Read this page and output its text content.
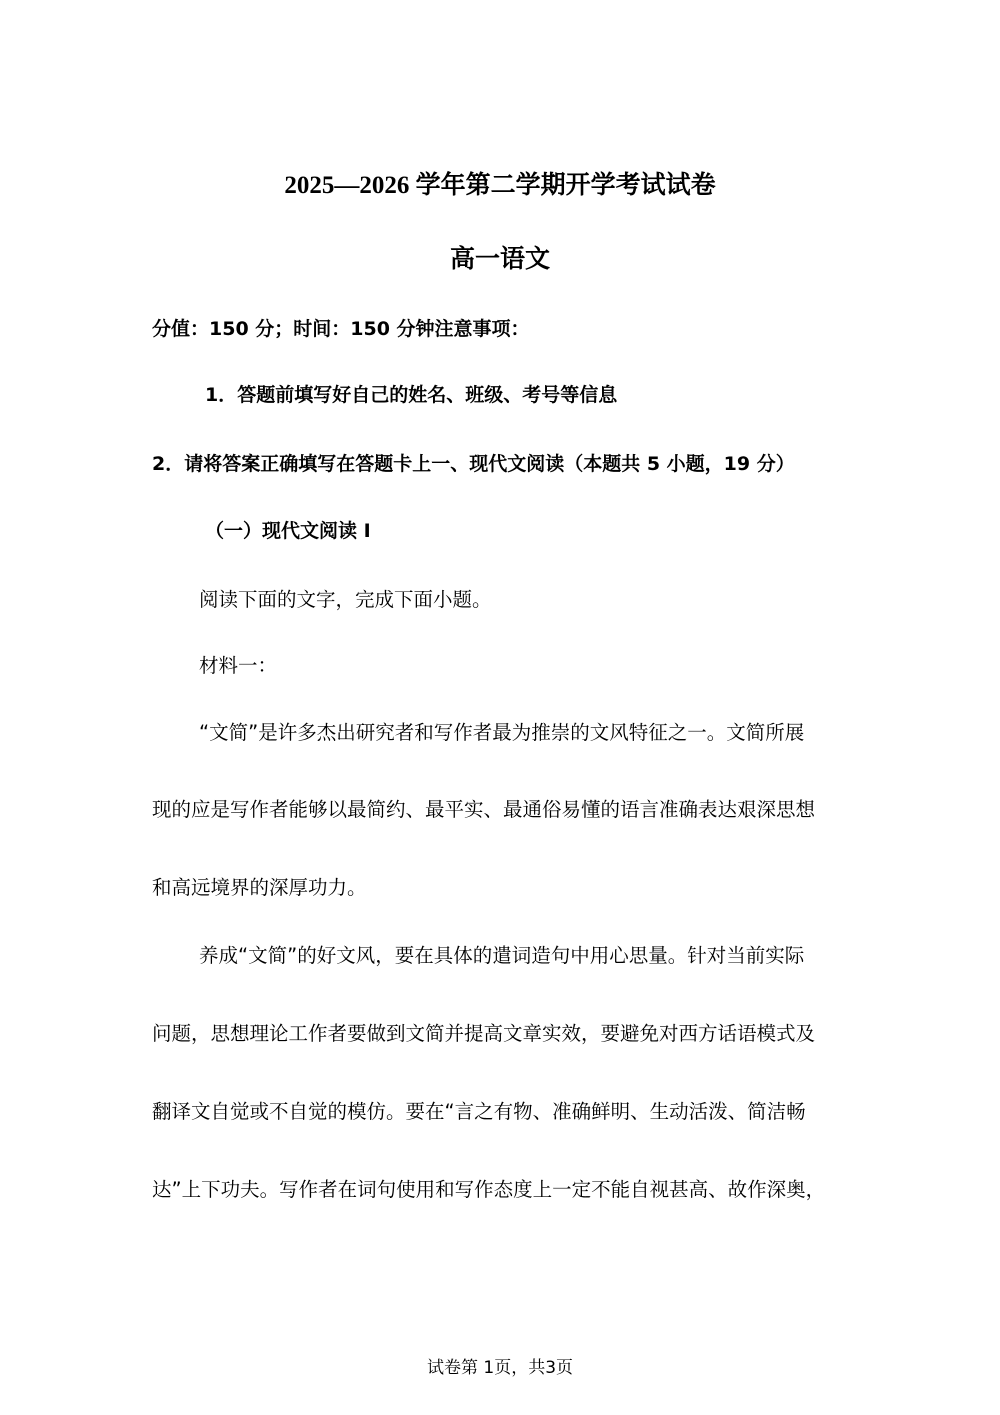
2025—2026 学年第二学期开学考试试卷
高一语文
分值：150 分；时间：150 分钟注意事项：
1．答题前填写好自己的姓名、班级、考号等信息
2．请将答案正确填写在答题卡上一、现代文阅读（本题共 5 小题，19 分）
（一）现代文阅读 I
阅读下面的文字，完成下面小题。
材料一：
“文简”是许多杰出研究者和写作者最为推崇的文风特征之一。文简所展
现的应是写作者能够以最简约、最平实、最通俗易懂的语言准确表达艰深思想
和高远境界的深厚功力。
养成“文简”的好文风，要在具体的遣词造句中用心思量。针对当前实际
问题，思想理论工作者要做到文简并提高文章实效，要避免对西方话语模式及
翻译文自觉或不自觉的模仿。要在“言之有物、准确鲜明、生动活泼、简洁畅
达”上下功夫。写作者在词句使用和写作态度上一定不能自视甚高、故作深奥，
试卷第 1页，共3页
